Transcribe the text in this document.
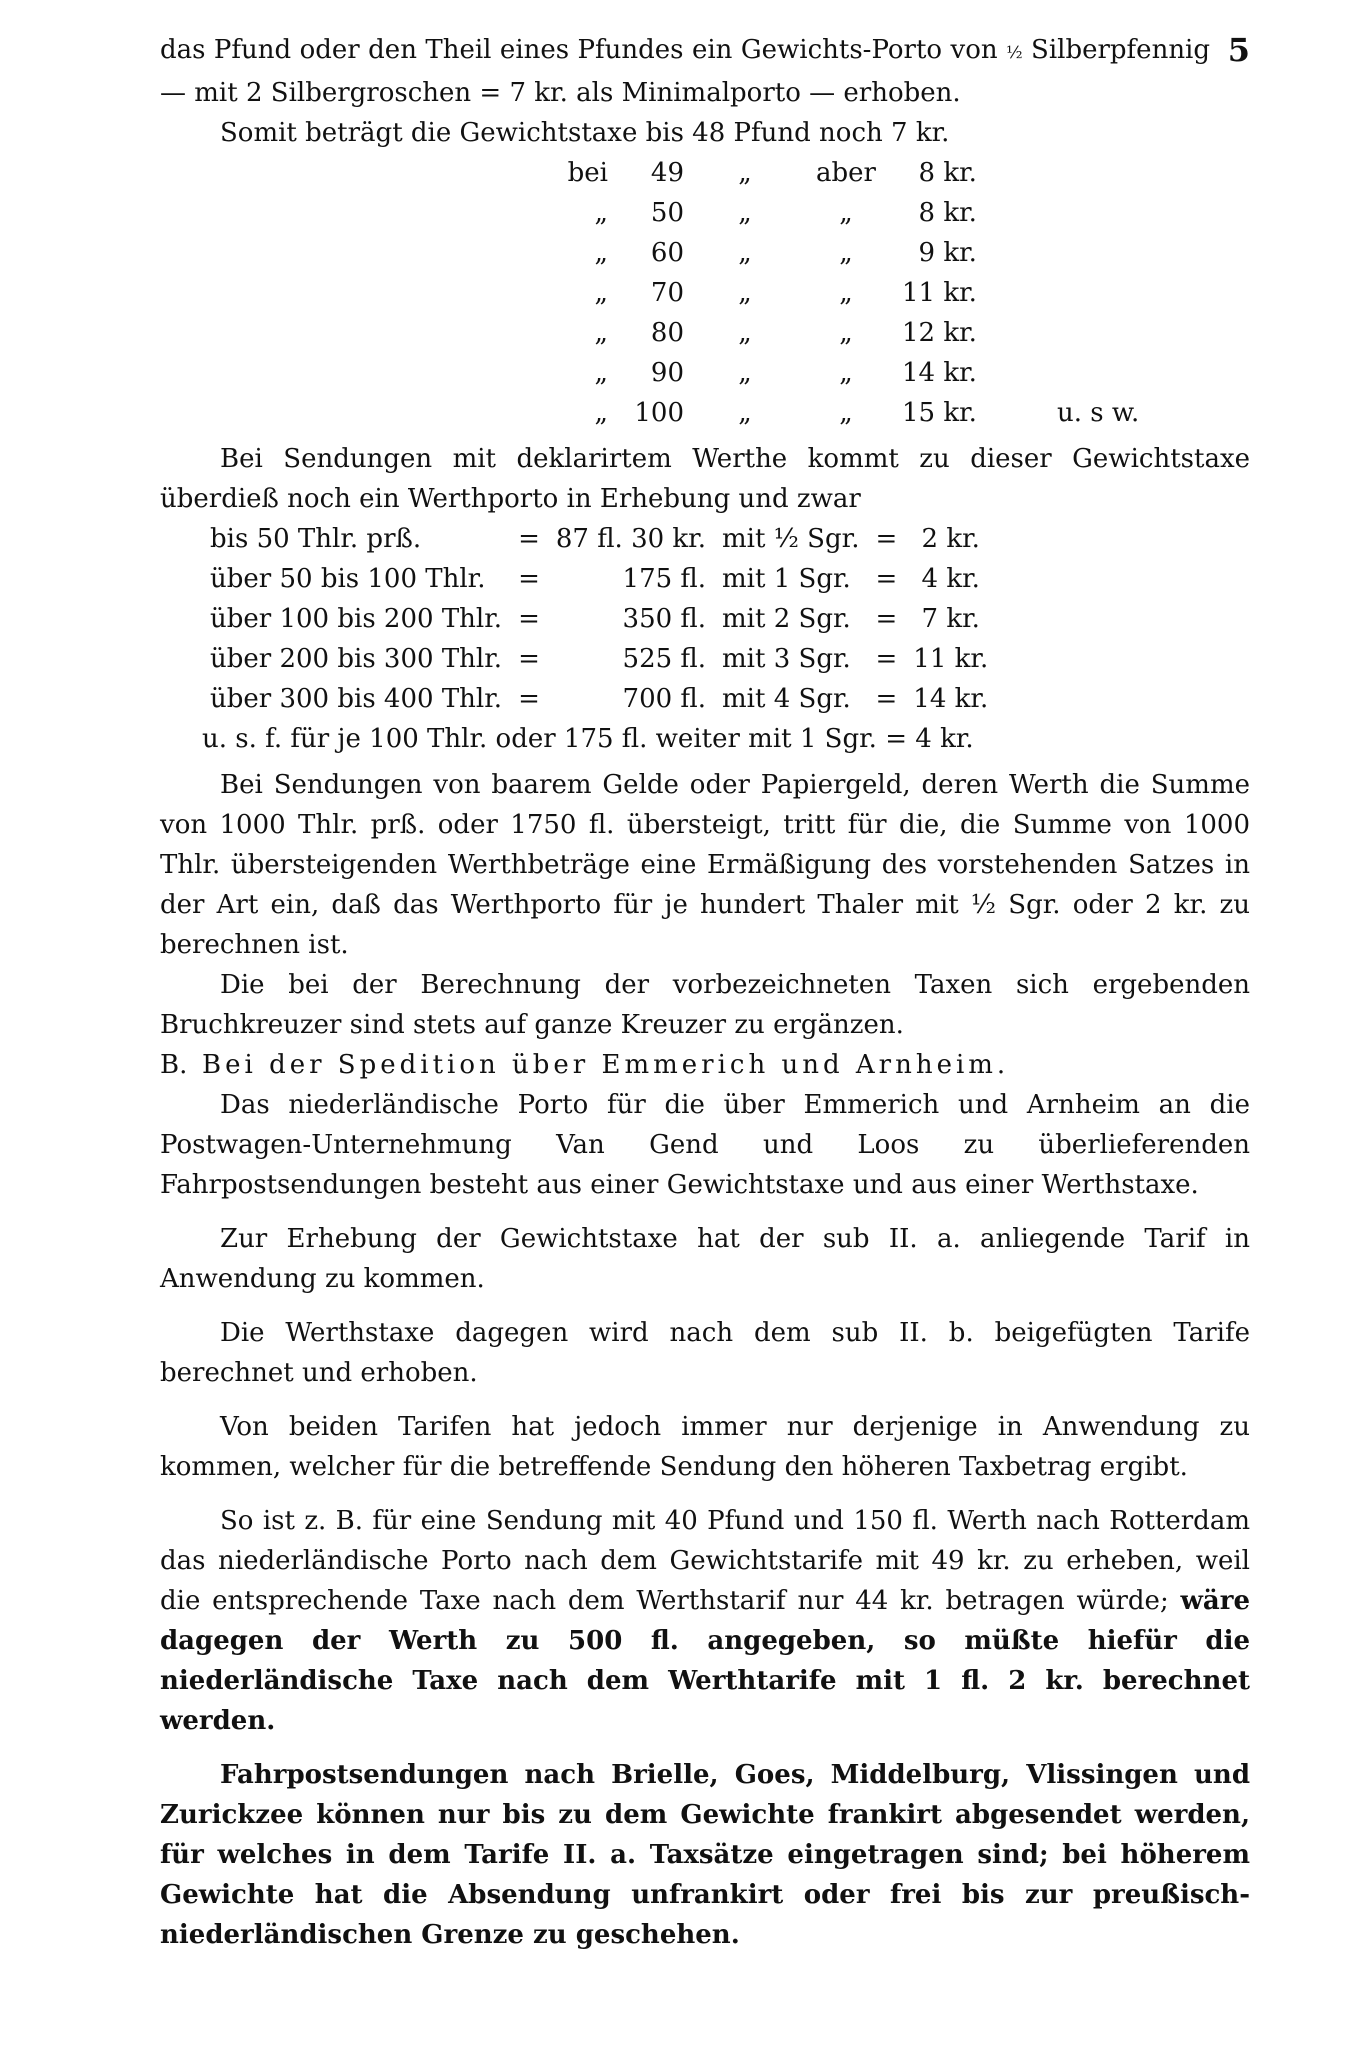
5

das Pfund oder den Theil eines Pfundes ein Gewichts-Porto von ½ Silberpfennig — mit 2 Silbergroschen = 7 kr. als Minimalporto — erhoben.

Somit beträgt die Gewichtstaxe bis 48 Pfund noch 7 kr.

bei	49	„	aber	8 kr.	
„	50	„	„	8 kr.	
„	60	„	„	9 kr.	
„	70	„	„	11 kr.	
„	80	„	„	12 kr.	
„	90	„	„	14 kr.	
„	100	„	„	15 kr.	u. s w.

Bei Sendungen mit deklarirtem Werthe kommt zu dieser Gewichtstaxe überdieß noch ein Werthporto in Erhebung und zwar

bis 50 Thlr. prß.	=	87 fl. 30 kr.	mit ½ Sgr.	=	2 kr.
über 50 bis 100 Thlr.	=	175 fl.	mit 1 Sgr.	=	4 kr.
über 100 bis 200 Thlr.	=	350 fl.	mit 2 Sgr.	=	7 kr.
über 200 bis 300 Thlr.	=	525 fl.	mit 3 Sgr.	=	11 kr.
über 300 bis 400 Thlr.	=	700 fl.	mit 4 Sgr.	=	14 kr.

u. s. f. für je 100 Thlr. oder 175 fl. weiter mit 1 Sgr. = 4 kr.

Bei Sendungen von baarem Gelde oder Papiergeld, deren Werth die Summe von 1000 Thlr. prß. oder 1750 fl. übersteigt, tritt für die, die Summe von 1000 Thlr. übersteigenden Werthbeträge eine Ermäßigung des vorstehenden Satzes in der Art ein, daß das Werthporto für je hundert Thaler mit ½ Sgr. oder 2 kr. zu berechnen ist.

Die bei der Berechnung der vorbezeichneten Taxen sich ergebenden Bruchkreuzer sind stets auf ganze Kreuzer zu ergänzen.

B. Bei der Spedition über Emmerich und Arnheim.

Das niederländische Porto für die über Emmerich und Arnheim an die Postwagen-Unternehmung Van Gend und Loos zu überlieferenden Fahrpostsendungen besteht aus einer Gewichtstaxe und aus einer Werthstaxe.

Zur Erhebung der Gewichtstaxe hat der sub II. a. anliegende Tarif in Anwendung zu kommen.

Die Werthstaxe dagegen wird nach dem sub II. b. beigefügten Tarife berechnet und erhoben.

Von beiden Tarifen hat jedoch immer nur derjenige in Anwendung zu kommen, welcher für die betreffende Sendung den höheren Taxbetrag ergibt.

So ist z. B. für eine Sendung mit 40 Pfund und 150 fl. Werth nach Rotterdam das niederländische Porto nach dem Gewichtstarife mit 49 kr. zu erheben, weil die entsprechende Taxe nach dem Werthstarif nur 44 kr. betragen würde; wäre dagegen der Werth zu 500 fl. angegeben, so müßte hiefür die niederländische Taxe nach dem Werthtarife mit 1 fl. 2 kr. berechnet werden.

Fahrpostsendungen nach Brielle, Goes, Middelburg, Vlissingen und Zurickzee können nur bis zu dem Gewichte frankirt abgesendet werden, für welches in dem Tarife II. a. Taxsätze eingetragen sind; bei höherem Gewichte hat die Absendung unfrankirt oder frei bis zur preußisch-niederländischen Grenze zu geschehen.
